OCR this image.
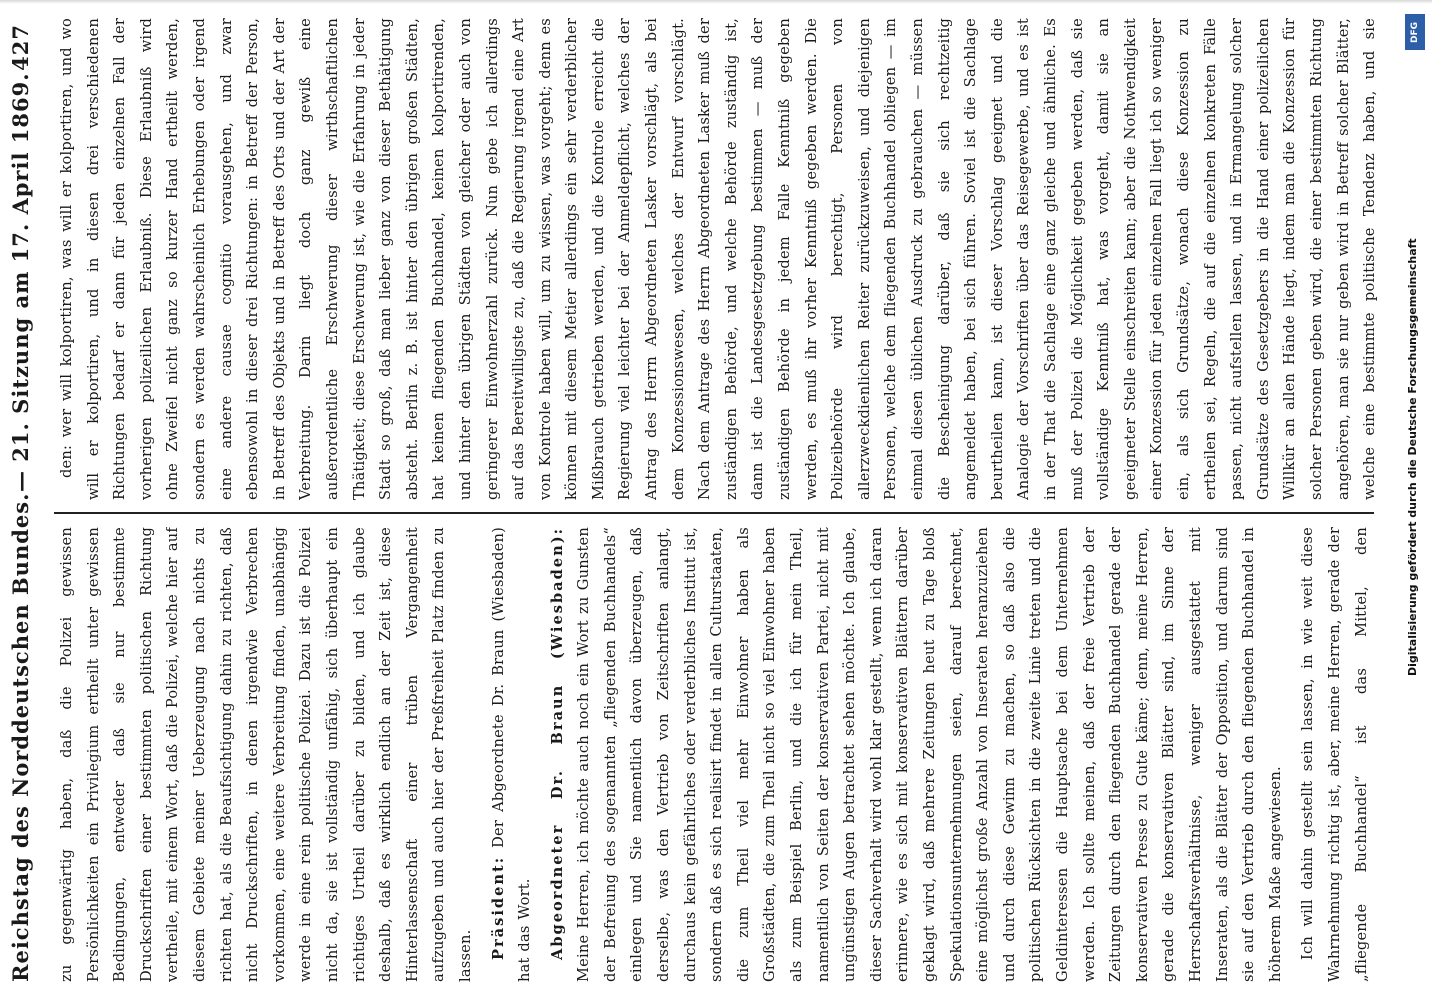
Reichstag des Norddeutschen Bundes.
— 21. Sitzung am 17. April 1869.
427

zu gegenwärtig haben, daß die Polizei gewissen Persönlichkeiten ein Privilegium ertheilt unter gewissen Bedingungen, entweder daß sie nur bestimmte Druckschriften einer bestimmten politischen Richtung vertheile, mit einem Wort, daß die Polizei, welche hier auf diesem Gebiete meiner Ueberzeugung nach nichts zu richten hat, als die Beaufsichtigung dahin zu richten, daß nicht Druckschriften, in denen irgendwie Verbrechen vorkommen, eine weitere Verbreitung finden, unabhängig werde in eine rein politische Polizei. Dazu ist die Polizei nicht da, sie ist vollständig unfähig, sich überhaupt ein richtiges Urtheil darüber zu bilden, und ich glaube deshalb, daß es wirklich endlich an der Zeit ist, diese Hinterlassenschaft einer trüben Vergangenheit aufzugeben und auch hier der Preßfreiheit Platz finden zu lassen.	Präsident: Der Abgeordnete Dr. Braun (Wiesbaden) hat das Wort.	Abgeordneter Dr. Braun (Wiesbaden): Meine Herren, ich möchte auch noch ein Wort zu Gunsten der Befreiung des sogenannten „fliegenden Buchhandels“ einlegen und Sie namentlich davon überzeugen, daß derselbe, was den Vertrieb von Zeitschriften anlangt, durchaus kein gefährliches oder verderbliches Institut ist, sondern daß es sich realisirt findet in allen Culturstaaten, die zum Theil viel mehr Einwohner haben als Großstädten, die zum Theil nicht so viel Einwohner haben als zum Beispiel Berlin, und die ich für mein Theil, namentlich von Seiten der konservativen Partei, nicht mit ungünstigen Augen betrachtet sehen möchte. Ich glaube, dieser Sachverhalt wird wohl klar gestellt, wenn ich daran erinnere, wie es sich mit konservativen Blättern darüber geklagt wird, daß mehrere Zeitungen heut zu Tage bloß Spekulationsunternehmungen seien, darauf berechnet, eine möglichst große Anzahl von Inseraten heranzuziehen und durch diese Gewinn zu machen, so daß also die politischen Rücksichten in die zweite Linie treten und die Geldinteressen die Hauptsache bei dem Unternehmen werden. Ich sollte meinen, daß der freie Vertrieb der Zeitungen durch den fliegenden Buchhandel gerade der konservativen Presse zu Gute käme; denn, meine Herren, gerade die konservativen Blätter sind, im Sinne der Herrschaftsverhältnisse, weniger ausgestattet mit Inseraten, als die Blätter der Opposition, und darum sind sie auf den Vertrieb durch den fliegenden Buchhandel in höherem Maße angewiesen.	Ich will dahin gestellt sein lassen, in wie weit diese Wahrnehmung richtig ist, aber, meine Herren, gerade der „fliegende Buchhandel“ ist das Mittel, den

den: wer will kolportiren, was will er kolportiren, und wo will er kolportiren, und in diesen drei verschiedenen Richtungen bedarf er dann für jeden einzelnen Fall der vorherigen polizeilichen Erlaubniß. Diese Erlaubniß wird ohne Zweifel nicht ganz so kurzer Hand ertheilt werden, sondern es werden wahrscheinlich Erhebungen oder irgend eine andere causae cognitio vorausgehen, und zwar ebensowohl in dieser drei Richtungen: in Betreff der Person, in Betreff des Objekts und in Betreff des Orts und der Art der Verbreitung. Darin liegt doch ganz gewiß eine außerordentliche Erschwerung dieser wirthschaftlichen Thätigkeit; diese Erschwerung ist, wie die Erfahrung in jeder Stadt so groß, daß man lieber ganz von dieser Bethätigung absteht. Berlin z. B. ist hinter den übrigen großen Städten, hat keinen fliegenden Buchhandel, keinen kolportirenden, und hinter den übrigen Städten von gleicher oder auch von geringerer Einwohnerzahl zurück. Nun gebe ich allerdings auf das Bereitwilligste zu, daß die Regierung irgend eine Art von Kontrole haben will, um zu wissen, was vorgeht; denn es können mit diesem Metier allerdings ein sehr verderblicher Mißbrauch getrieben werden, und die Kontrole erreicht die Regierung viel leichter bei der Anmeldepflicht, welches der Antrag des Herrn Abgeordneten Lasker vorschlägt, als bei dem Konzessionswesen, welches der Entwurf vorschlägt. Nach dem Antrage des Herrn Abgeordneten Lasker muß der zuständigen Behörde, und welche Behörde zuständig ist, dann ist die Landesgesetzgebung bestimmen — muß der zuständigen Behörde in jedem Falle Kenntniß gegeben werden, es muß ihr vorher Kenntniß gegeben werden. Die Polizeibehörde wird berechtigt, Personen von allerzweckdienlichen Reiter zurückzuweisen, und diejenigen Personen, welche dem fliegenden Buchhandel obliegen — im einmal diesen üblichen Ausdruck zu gebrauchen — müssen die Bescheinigung darüber, daß sie sich rechtzeitig angemeldet haben, bei sich führen. Soviel ist die Sachlage beurtheilen kann, ist dieser Vorschlag geeignet und die Analogie der Vorschriften über das Reisegewerbe, und es ist in der That die Sachlage eine ganz gleiche und ähnliche. Es muß der Polizei die Möglichkeit gegeben werden, daß sie vollständige Kenntniß hat, was vorgeht, damit sie an geeigneter Stelle einschreiten kann; aber die Nothwendigkeit einer Konzession für jeden einzelnen Fall liegt ich so weniger ein, als sich Grundsätze, wonach diese Konzession zu ertheilen sei, Regeln, die auf die einzelnen konkreten Fälle passen, nicht aufstellen lassen, und in Ermangelung solcher Grundsätze des Gesetzgebers in die Hand einer polizeilichen Willkür an allen Hände liegt, indem man die Konzession für solcher Personen geben wird, die einer bestimmten Richtung angehören, man sie nur geben wird in Betreff solcher Blätter, welche eine bestimmte politische Tendenz haben, und sie	DFG
Digitalisierung gefördert durch die Deutsche Forschungsgemeinschaft
